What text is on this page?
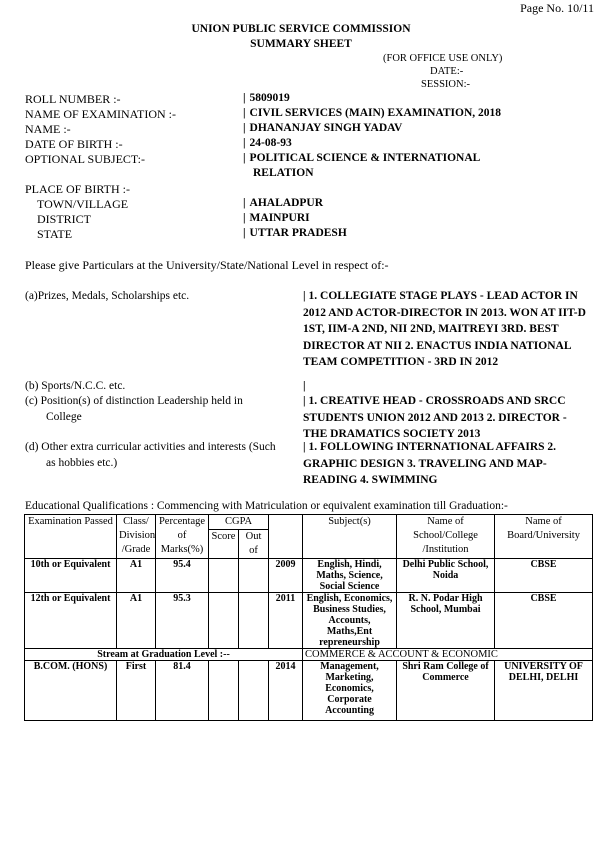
Page No. 10/11
UNION PUBLIC SERVICE COMMISSION
SUMMARY SHEET
(FOR OFFICE USE ONLY)
DATE:-
SESSION:-
ROLL NUMBER :-	| 5809019
NAME OF EXAMINATION :-	| CIVIL SERVICES (MAIN) EXAMINATION, 2018
NAME :-	| DHANANJAY SINGH YADAV
DATE OF BIRTH :-	| 24-08-93
OPTIONAL SUBJECT:-	| POLITICAL SCIENCE & INTERNATIONAL
RELATION
PLACE OF BIRTH :-
TOWN/VILLAGE	| AHALADPUR
DISTRICT	| MAINPURI
STATE	| UTTAR PRADESH
Please give Particulars at the University/State/National Level in respect of:-
(a)Prizes, Medals, Scholarships etc.	| 1. COLLEGIATE STAGE PLAYS - LEAD ACTOR IN 2012 AND ACTOR-DIRECTOR IN 2013. WON AT IIT-D 1ST, IIM-A 2ND, NII 2ND, MAITREYI 3RD. BEST DIRECTOR AT NII 2. ENACTUS INDIA NATIONAL TEAM COMPETITION - 3RD IN 2012
(b) Sports/N.C.C. etc.	|
(c) Position(s) of distinction Leadership held in
College
| 1. CREATIVE HEAD - CROSSROADS AND SRCC STUDENTS UNION 2012 AND 2013 2. DIRECTOR - THE DRAMATICS SOCIETY 2013
(d) Other extra curricular activities and interests (Such
as hobbies etc.)
| 1. FOLLOWING INTERNATIONAL AFFAIRS 2. GRAPHIC DESIGN 3. TRAVELING AND MAP-READING 4. SWIMMING
Educational Qualifications : Commencing with Matriculation or equivalent examination till Graduation:-
Examination Passed	Class/ Division /Grade	Percentage of Marks(%)	CGPA			Subject(s)	Name of School/College /Institution	Name of Board/University
			Score	Out of				
10th or Equivalent	A1	95.4			2009	English, Hindi, Maths, Science, Social Science	Delhi Public School, Noida	CBSE
12th or Equivalent	A1	95.3			2011	English, Economics, Business Studies, Accounts, Maths,Ent repreneurship	R. N. Podar High School, Mumbai	CBSE
Stream at Graduation Level :--						COMMERCE & ACCOUNT & ECONOMIC		
B.COM. (HONS)	First	81.4			2014	Management, Marketing, Economics, Corporate Accounting	Shri Ram College of Commerce	UNIVERSITY OF DELHI, DELHI
